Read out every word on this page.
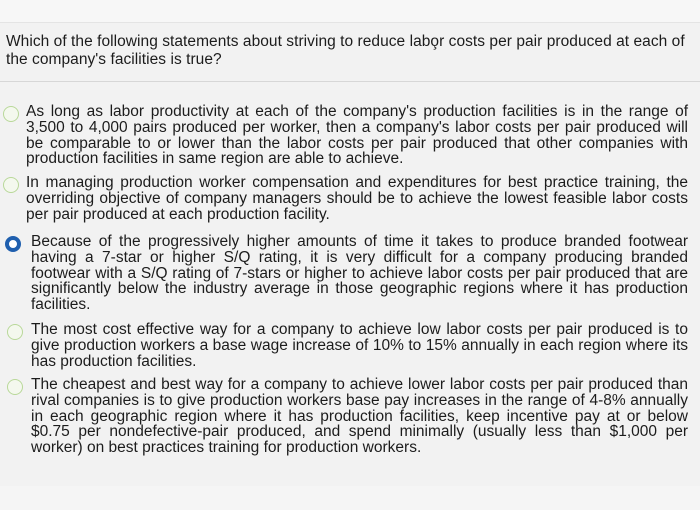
Which of the following statements about striving to reduce labo̧r costs per pair produced at each of the company's facilities is true?
As long as labor productivity at each of the company's production facilities is in the range of 3,500 to 4,000 pairs produced per worker, then a company's labor costs per pair produced will be comparable to or lower than the labor costs per pair produced that other companies with production facilities in same region are able to achieve.
In managing production worker compensation and expenditures for best practice training, the overriding objective of company managers should be to achieve the lowest feasible labor costs per pair produced at each production facility.
Because of the progressively higher amounts of time it takes to produce branded footwear having a 7-star or higher S/Q rating, it is very difficult for a company producing branded footwear with a S/Q rating of 7-stars or higher to achieve labor costs per pair produced that are significantly below the industry average in those geographic regions where it has production facilities.
The most cost effective way for a company to achieve low labor costs per pair produced is to give production workers a base wage increase of 10% to 15% annually in each region where its has production facilities.
The cheapest and best way for a company to achieve lower labor costs per pair produced than rival companies is to give production workers base pay increases in the range of 4-8% annually in each geographic region where it has production facilities, keep incentive pay at or below $0.75 per nondefective-pair produced, and spend minimally (usually less than $1,000 per worker) on best practices training for production workers.
